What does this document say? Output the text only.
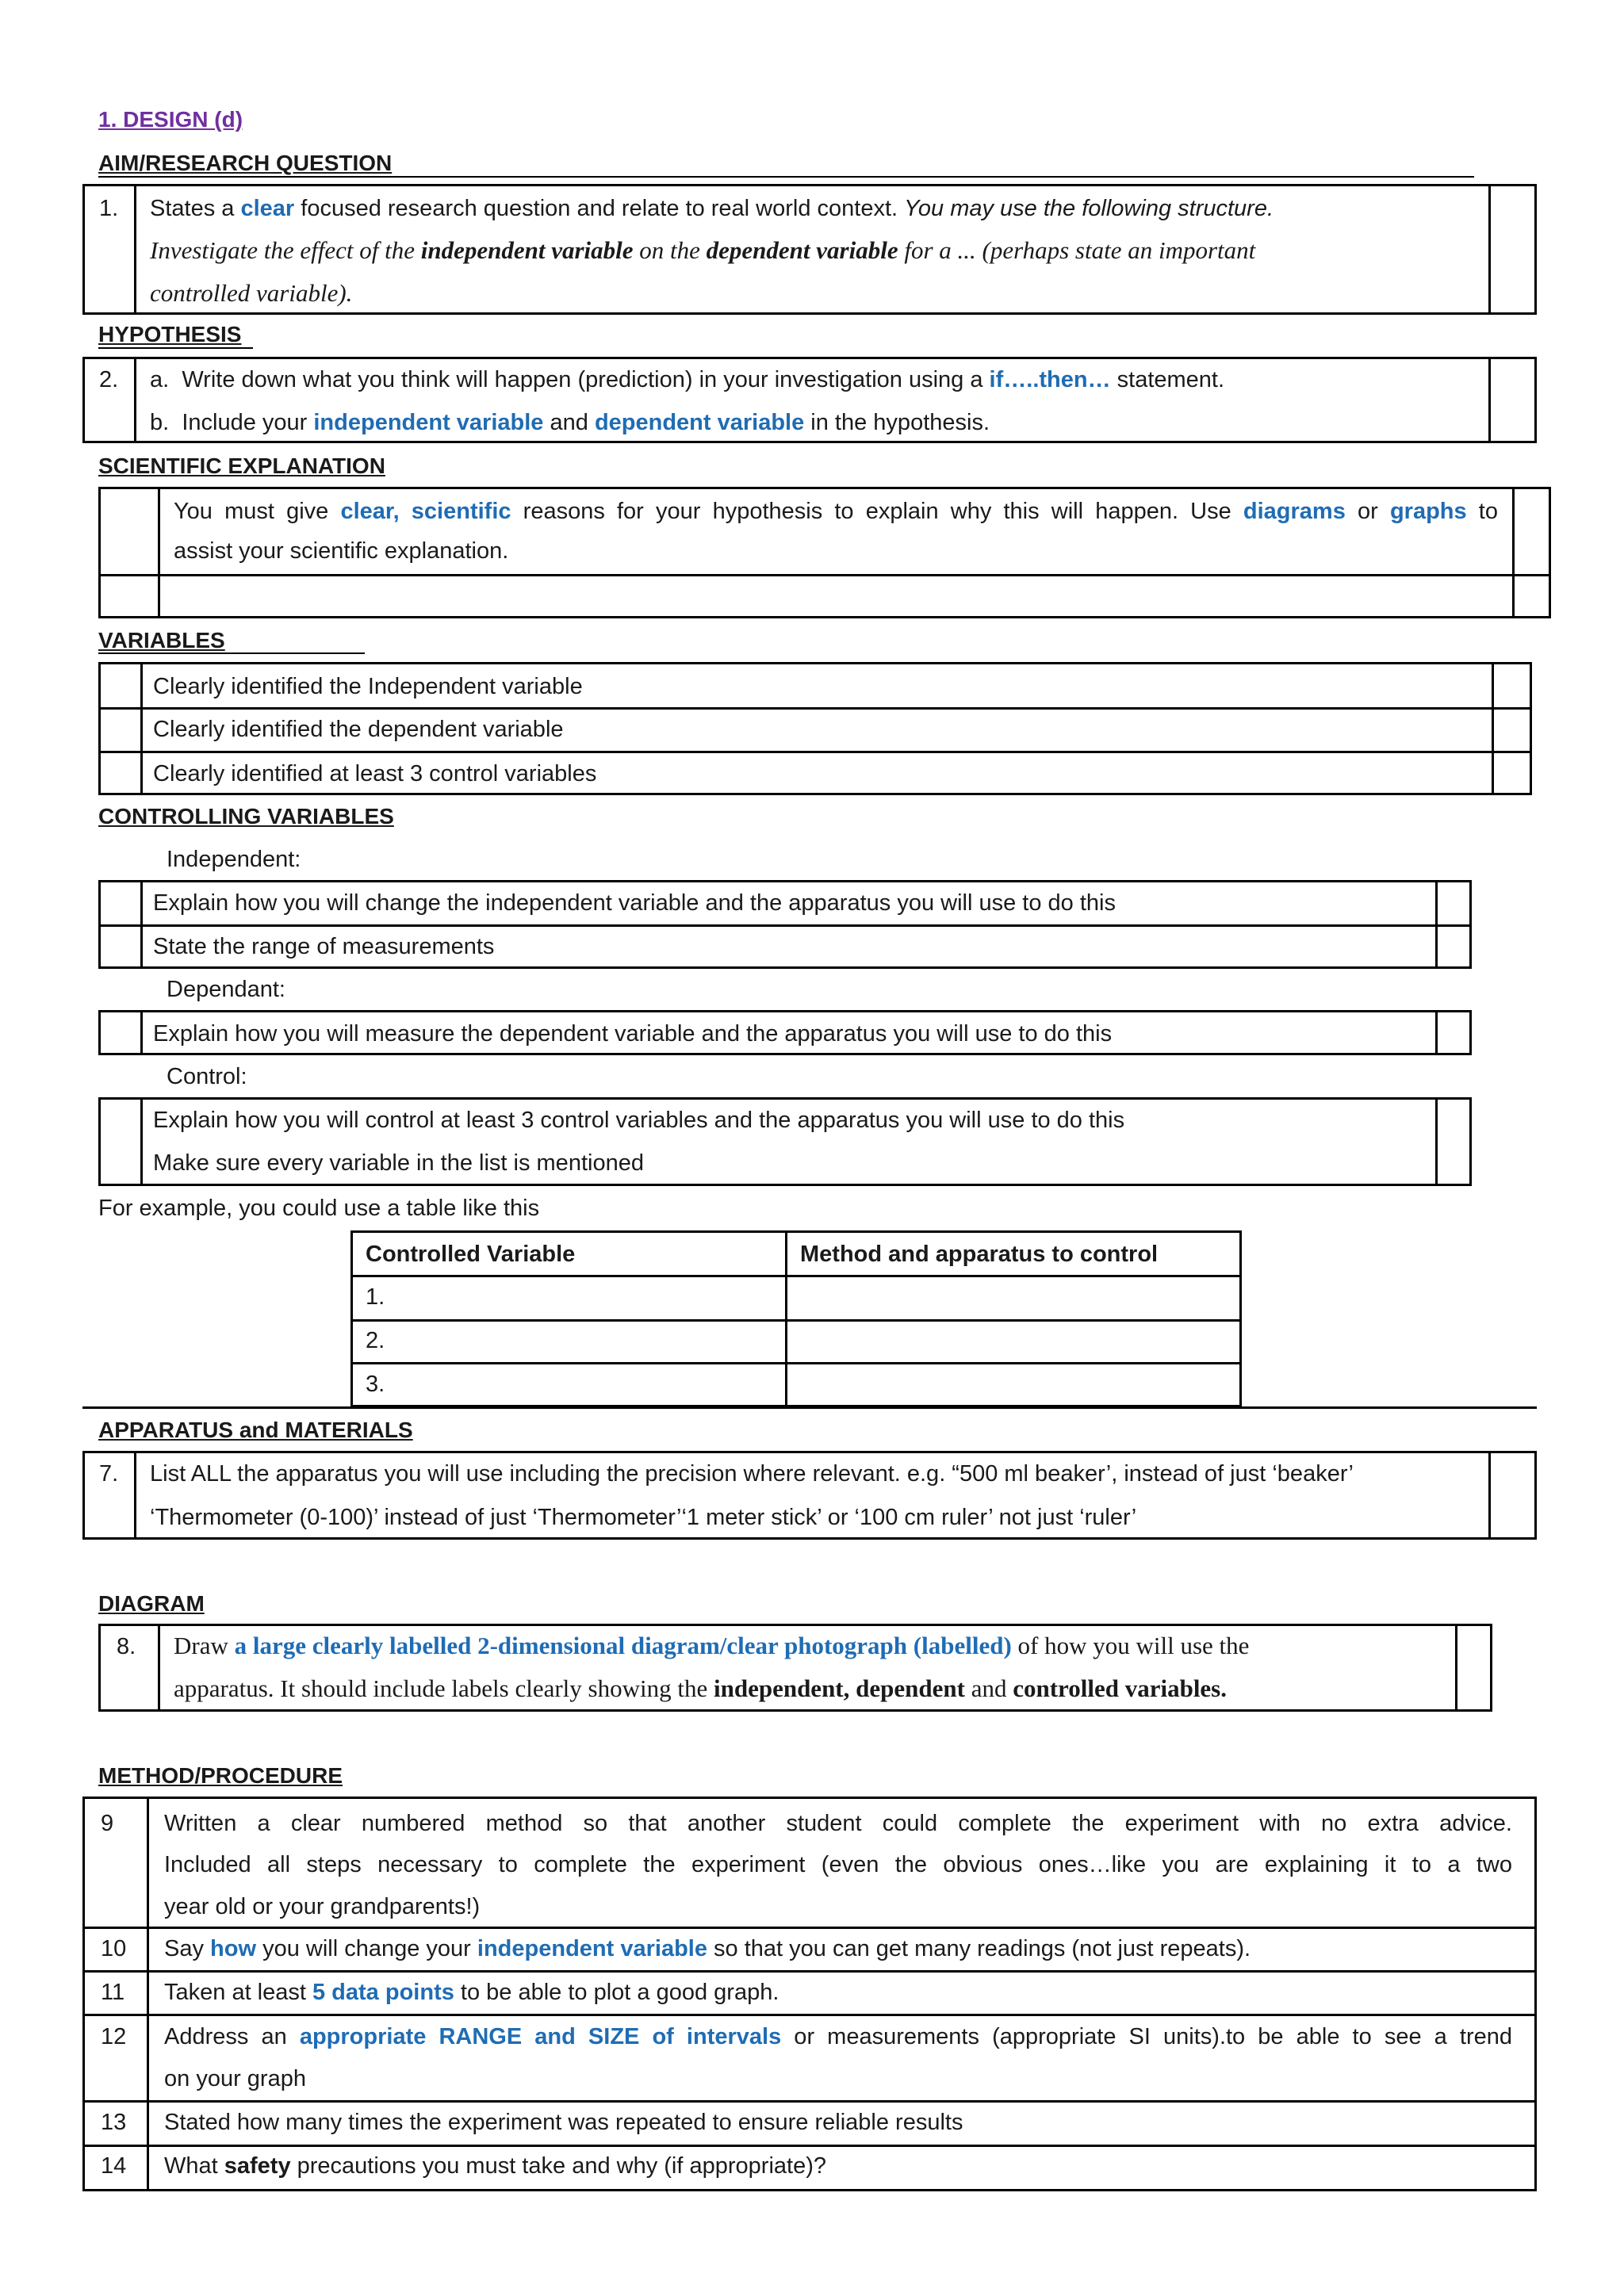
1. DESIGN (d)
AIM/RESEARCH QUESTION
1. States a clear focused research question and relate to real world context. You may use the following structure.
Investigate the effect of the independent variable on the dependent variable for a ... (perhaps state an important
controlled variable).
HYPOTHESIS
2. a. Write down what you think will happen (prediction) in your investigation using a if…..then… statement.
b. Include your independent variable and dependent variable in the hypothesis.
SCIENTIFIC EXPLANATION
You must give clear, scientific reasons for your hypothesis to explain why this will happen. Use diagrams or graphs to
assist your scientific explanation.
VARIABLES
Clearly identified the Independent variable
Clearly identified the dependent variable
Clearly identified at least 3 control variables
CONTROLLING VARIABLES
Independent:
Explain how you will change the independent variable and the apparatus you will use to do this
State the range of measurements
Dependant:
Explain how you will measure the dependent variable and the apparatus you will use to do this
Control:
Explain how you will control at least 3 control variables and the apparatus you will use to do this
Make sure every variable in the list is mentioned
For example, you could use a table like this
Controlled Variable	Method and apparatus to control
1.
2.
3.
APPARATUS and MATERIALS
7. List ALL the apparatus you will use including the precision where relevant. e.g. “500 ml beaker’, instead of just ‘beaker’
‘Thermometer (0-100)’ instead of just ‘Thermometer’‘1 meter stick’ or ‘100 cm ruler’ not just ‘ruler’
DIAGRAM
8. Draw a large clearly labelled 2-dimensional diagram/clear photograph (labelled) of how you will use the
apparatus. It should include labels clearly showing the independent, dependent and controlled variables.
METHOD/PROCEDURE
9 Written a clear numbered method so that another student could complete the experiment with no extra advice.
Included all steps necessary to complete the experiment (even the obvious ones…like you are explaining it to a two
year old or your grandparents!)
10 Say how you will change your independent variable so that you can get many readings (not just repeats).
11 Taken at least 5 data points to be able to plot a good graph.
12 Address an appropriate RANGE and SIZE of intervals or measurements (appropriate SI units).to be able to see a trend
on your graph
13 Stated how many times the experiment was repeated to ensure reliable results
14 What safety precautions you must take and why (if appropriate)?
